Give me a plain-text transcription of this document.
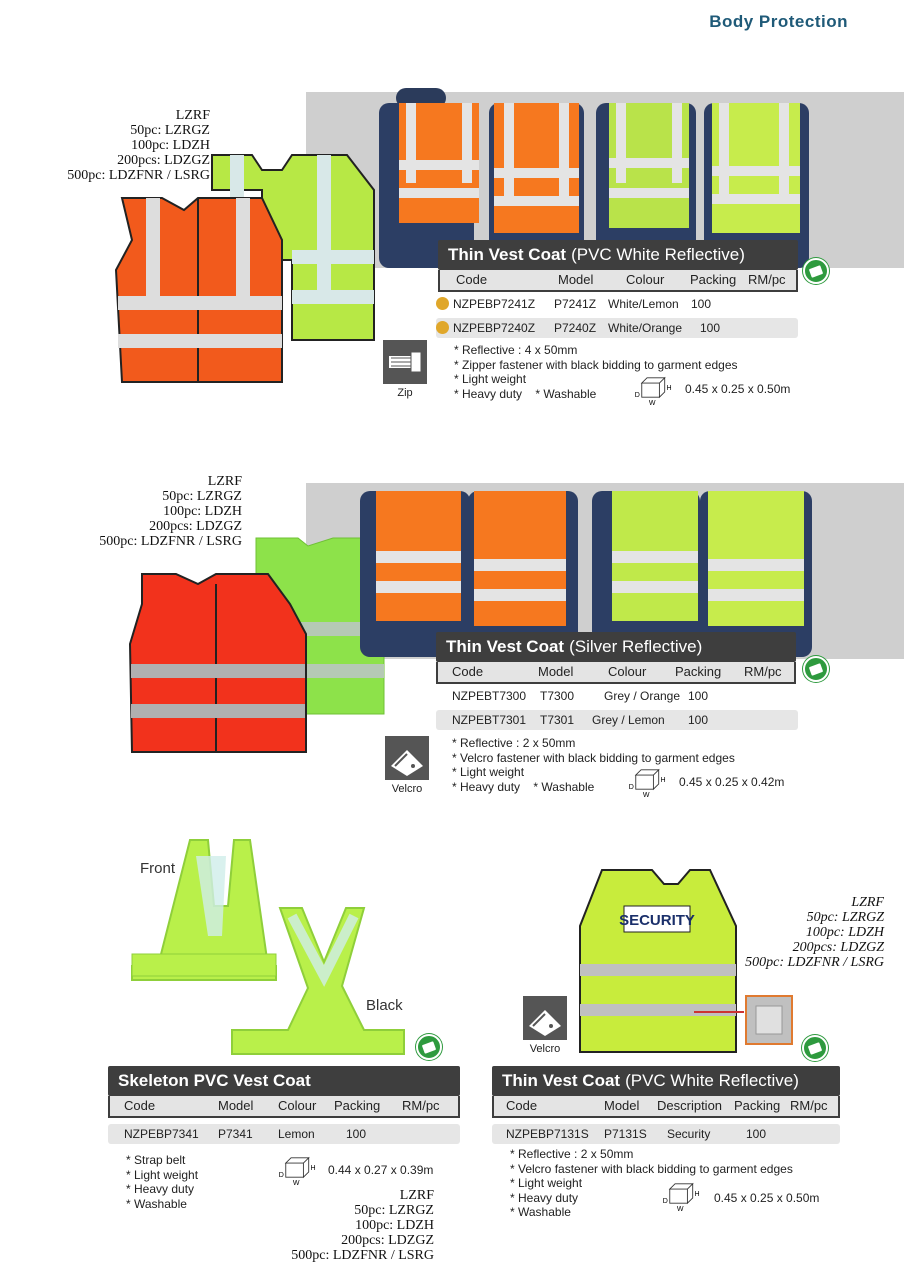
Body Protection
LZRF
50pc: LZRGZ
100pc: LDZH
200pcs: LDZGZ
500pc: LDZFNR / LSRG
Thin Vest Coat (PVC White Reflective)
Code	Model	Colour Packing RM/pc
NZPEBP7241Z P7241Z White/Lemon 100
NZPEBP7240Z P7240Z White/Orange 100
Zip
* Reflective : 4 x 50mm
* Zipper fastener with black bidding to garment edges
* Light weight
* Heavy duty * Washable	D
H
W
0.45 x 0.25 x 0.50m
LZRF
50pc: LZRGZ
100pc: LDZH
200pcs: LDZGZ
500pc: LDZFNR / LSRG
Thin Vest Coat (Silver Reflective)
Code	Model	Colour Packing RM/pc
NZPEBT7300 T7300 Grey / Orange 100
NZPEBT7301 T7301 Grey / Lemon 100
Velcro
* Reflective : 2 x 50mm
* Velcro fastener with black bidding to garment edges
* Light weight
* Heavy duty * Washable	D
H
W
0.45 x 0.25 x 0.42m
Front
Black
Skeleton PVC Vest Coat
Code	Model Colour Packing RM/pc
NZPEBP7341 P7341 Lemon	100
* Strap belt
* Light weight
* Heavy duty
* Washable
D
H
W
0.44 x 0.27 x 0.39m
LZRF
50pc: LZRGZ
100pc: LDZH
200pcs: LDZGZ
500pc: LDZFNR / LSRG
SECURITY
LZRF
50pc: LZRGZ
100pc: LDZH
200pcs: LDZGZ
500pc: LDZFNR / LSRG
Velcro
Thin Vest Coat (PVC White Reflective)
Code	Model Description Packing RM/pc
NZPEBP7131S P7131S Security	100
* Reflective : 2 x 50mm
* Velcro fastener with black bidding to garment edges
* Light weight
* Heavy duty
* Washable
D
H
W
0.45 x 0.25 x 0.50m
